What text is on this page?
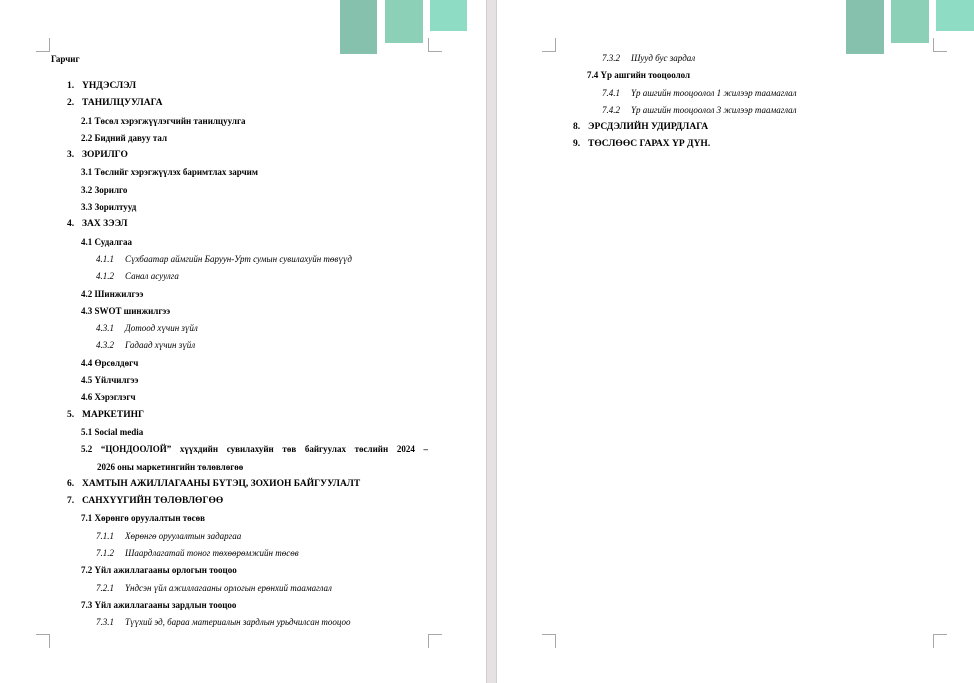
Гарчиг
1. ҮНДЭСЛЭЛ
2. ТАНИЛЦУУЛАГА
2.1 Төсөл хэрэгжүүлэгчийн танилцуулга
2.2 Бидний давуу тал
3. ЗОРИЛГО
3.1 Төслийг хэрэгжүүлэх баримтлах зарчим
3.2 Зорилго
3.3 Зорилтууд
4. ЗАХ ЗЭЭЛ
4.1 Судалгаа
4.1.1 Сүхбаатар аймгийн Баруун-Урт сумын сувилахуйн төвүүд
4.1.2 Санал асуулга
4.2 Шинжилгээ
4.3 SWOT шинжилгээ
4.3.1 Дотоод хүчин зүйл
4.3.2 Гадаад хүчин зүйл
4.4 Өрсөлдөгч
4.5 Үйлчилгээ
4.6 Хэрэглэгч
5. МАРКЕТИНГ
5.1 Social media
5.2 “ЦОНДООЛОЙ” хүүхдийн сувилахуйн төв байгуулах төслийн 2024 –
2026 оны маркетингийн төлөвлөгөө
6. ХАМТЫН АЖИЛЛАГААНЫ БҮТЭЦ, ЗОХИОН БАЙГУУЛАЛТ
7. САНХҮҮГИЙН ТӨЛӨВЛӨГӨӨ
7.1 Хөрөнгө оруулалтын төсөв
7.1.1 Хөрөнгө оруулалтын задаргаа
7.1.2 Шаардлагатай тоног төхөөрөмжийн төсөв
7.2 Үйл ажиллагааны орлогын тооцоо
7.2.1 Үндсэн үйл ажиллагааны орлогын ерөнхий таамаглал
7.3 Үйл ажиллагааны зардлын тооцоо
7.3.1 Түүхий эд, бараа материалын зардлын урьдчилсан тооцоо
7.3.2 Шууд бус зардал
7.4 Үр ашгийн тооцоолол
7.4.1 Үр ашгийн тооцоолол 1 жилээр таамаглал
7.4.2 Үр ашгийн тооцоолол 3 жилээр таамаглал
8. ЭРСДЭЛИЙН УДИРДЛАГА
9. ТӨСЛӨӨС ГАРАХ ҮР ДҮН.
